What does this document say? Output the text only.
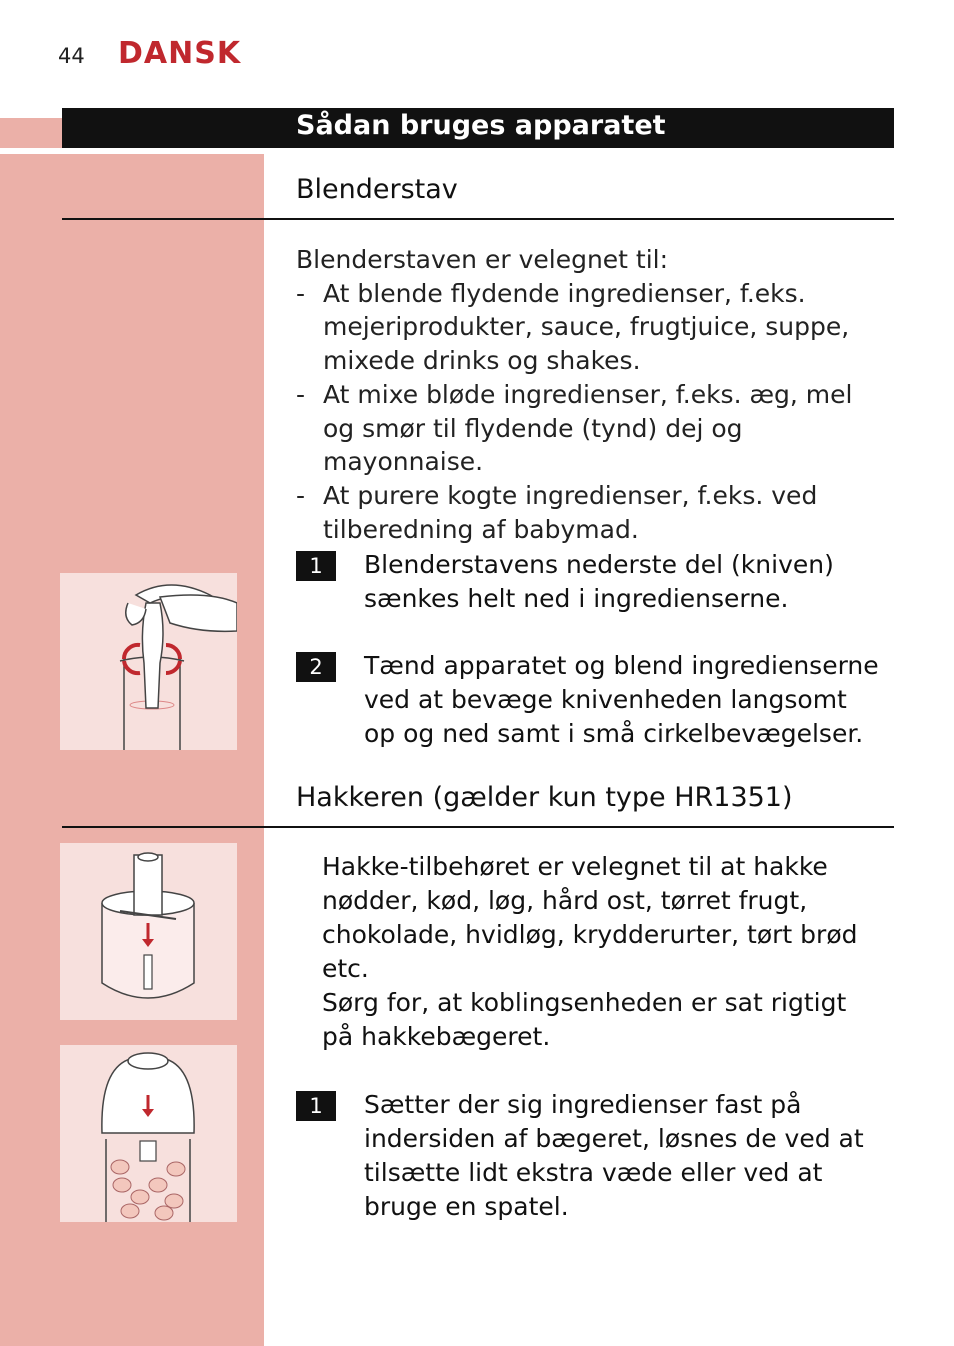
44 DANSK
Sådan bruges apparatet
Blenderstav
Blenderstaven er velegnet til:
- At blende flydende ingredienser, f.eks. mejeriprodukter, sauce, frugtjuice, suppe, mixede drinks og shakes.
- At mixe bløde ingredienser, f.eks. æg, mel og smør til flydende (tynd) dej og mayonnaise.
- At purere kogte ingredienser, f.eks. ved tilberedning af babymad.
1	Blenderstavens nederste del (kniven) sænkes helt ned i ingredienserne.
2	Tænd apparatet og blend ingredienserne ved at bevæge knivenheden langsomt op og ned samt i små cirkelbevægelser.
Hakkeren (gælder kun type HR1351)
Hakke-tilbehøret er velegnet til at hakke nødder, kød, løg, hård ost, tørret frugt, chokolade, hvidløg, krydderurter, tørt brød etc.
Sørg for, at koblingsenheden er sat rigtigt på hakkebægeret.
1	Sætter der sig ingredienser fast på indersiden af bægeret, løsnes de ved at tilsætte lidt ekstra væde eller ved at bruge en spatel.
